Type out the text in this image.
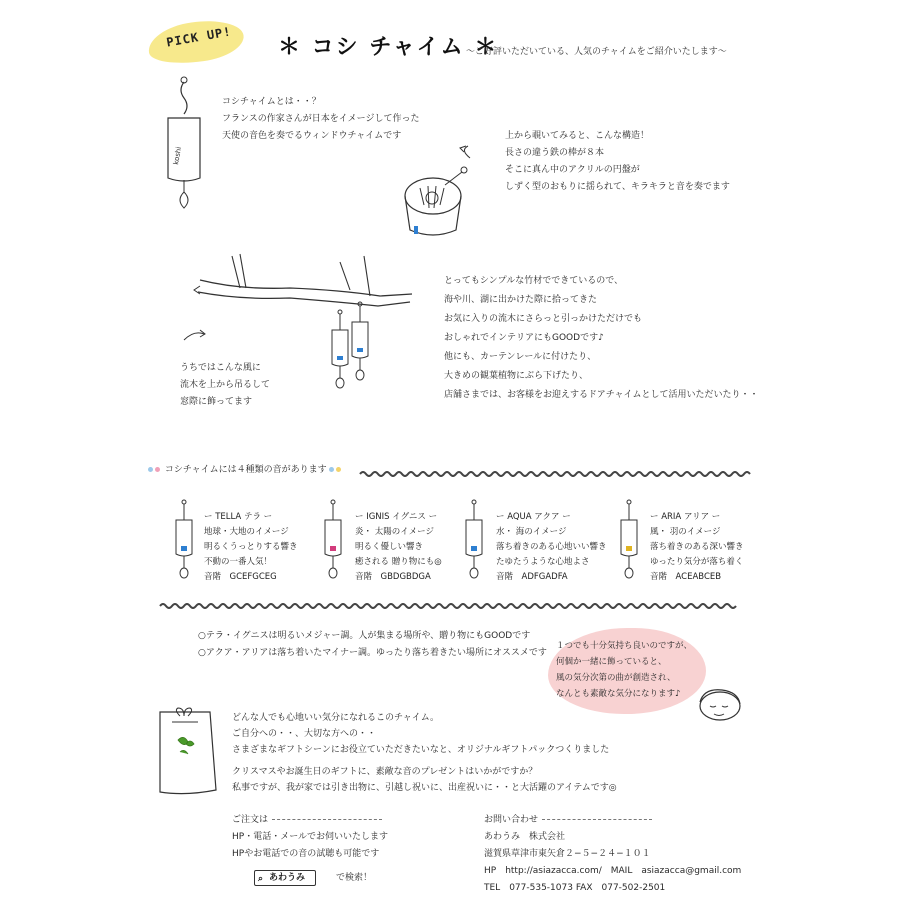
PICK UP! ＊ コシ チャイム ＊
～ご好評いただいている、人気のチャイムをご紹介いたします～
koshi
コシチャイムとは・・？
フランスの作家さんが日本をイメージして作った
天使の音色を奏でるウィンドウチャイムです	上から覗いてみると、こんな構造！
長さの違う鉄の棒が８本
そこに真ん中のアクリルの円盤が
しずく型のおもりに揺られて、キラキラと音を奏でます
とってもシンプルな竹材でできているので、
海や川、湖に出かけた際に拾ってきた
お気に入りの流木にさらっと引っかけただけでも
おしゃれでインテリアにもGOODです♪
他にも、カーテンレールに付けたり、
大きめの観葉植物にぶら下げたり、
店舗さまでは、お客様をお迎えするドアチャイムとして活用いただいたり・・
うちではこんな風に
流木を上から吊るして
窓際に飾ってます
コシチャイムには４種類の音があります
ー TELLA テラ ー
地球・大地のイメージ
明るくうっとりする響き
不動の一番人気！
音階　GCEFGCEG
ー IGNIS イグニス ー
炎・ 太陽のイメージ
明るく優しい響き
癒される 贈り物にも◎
音階　GBDGBDGA
ー AQUA アクア ー
水・ 海のイメージ
落ち着きのある心地いい響き
たゆたうような心地よさ
音階　ADFGADFA
ー ARIA アリア ー
風・ 羽のイメージ
落ち着きのある深い響き
ゆったり気分が落ち着く
音階　ACEABCEB
○テラ・イグニスは明るいメジャー調。人が集まる場所や、贈り物にもGOODです
○アクア・アリアは落ち着いたマイナー調。ゆったり落ち着きたい場所にオススメです
１つでも十分気持ち良いのですが、
何個か一緒に飾っていると、
風の気分次第の曲が創造され、
なんとも素敵な気分になります♪
どんな人でも心地いい気分になれるこのチャイム。
ご自分への・・、大切な方への・・
さまざまなギフトシーンにお役立ていただきたいなと、オリジナルギフトパックつくりました
クリスマスやお誕生日のギフトに、素敵な音のプレゼントはいかがですか？
私事ですが、我が家では引き出物に、引越し祝いに、出産祝いに・・と大活躍のアイテムです◎
ご注文は
HP・電話・メールでお伺いいたします
HPやお電話での音の試聴も可能です
⌕ あわうみ	で検索！
お問い合わせ
あわうみ　株式会社
滋賀県草津市東矢倉２−５−２４−１０１
HP　http://asiazacca.com/　MAIL　asiazacca@gmail.com
TEL　077-535-1073 FAX　077-502-2501
